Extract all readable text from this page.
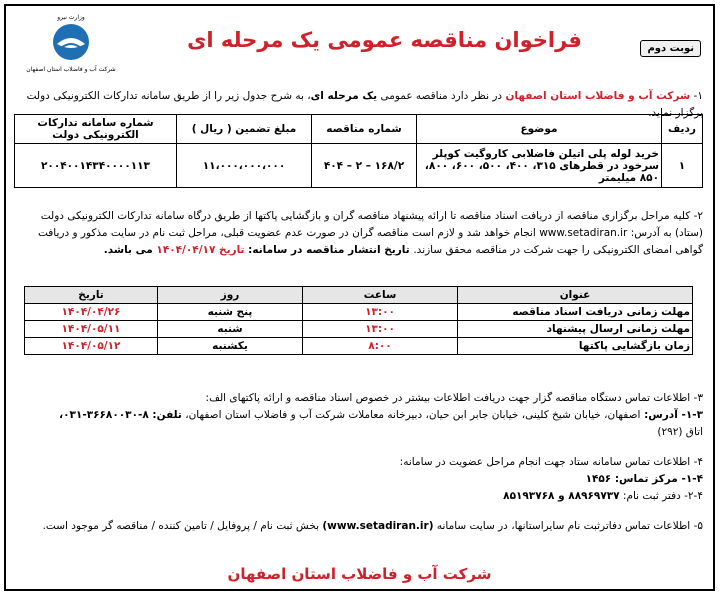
نوبت دوم
فراخوان مناقصه عمومی یک مرحله ای
وزارت نیرو
شرکت آب و فاضلاب استان اصفهان
۱- شرکت آب و فاضلاب استان اصفهان در نظر دارد مناقصه عمومی یک مرحله ای، به شرح جدول زیر را از طریق سامانه تدارکات الکترونیکی دولت برگزار نماید.
ردیف	موضوع	شماره مناقصه	مبلغ تضمین ( ریال )	شماره سامانه تدارکات الکترونیکی دولت
۱	خرید لوله پلی اتیلن فاضلابی کاروگیت کوپلر سرخود در قطرهای ۳۱۵، ۴۰۰، ۵۰۰، ۶۰۰، ۸۰۰، ۸۵۰ میلیمتر	۱۶۸/۲ – ۲ – ۴۰۴	۱۱،۰۰۰،۰۰۰،۰۰۰	۲۰۰۴۰۰۱۴۳۴۰۰۰۰۱۱۳
۲- کلیه مراحل برگزاری مناقصه از دریافت اسناد مناقصه تا ارائه پیشنهاد مناقصه گران و بازگشایی پاکتها از طریق درگاه سامانه تدارکات الکترونیکی دولت (ستاد) به آدرس: www.setadiran.ir انجام خواهد شد و لازم است مناقصه گران در صورت عدم عضویت قبلی، مراحل ثبت نام در سایت مذکور و دریافت گواهی امضای الکترونیکی را جهت شرکت در مناقصه محقق سازند. تاریخ انتشار مناقصه در سامانه: تاریخ ۱۴۰۴/۰۴/۱۷ می باشد.
عنوان	ساعت	روز	تاریخ
مهلت زمانی دریافت اسناد مناقصه	۱۳:۰۰	پنج شنبه	۱۴۰۴/۰۴/۲۶
مهلت زمانی ارسال پیشنهاد	۱۳:۰۰	شنبه	۱۴۰۴/۰۵/۱۱
زمان بازگشایی پاکتها	۸:۰۰	یکشنبه	۱۴۰۴/۰۵/۱۲
۳- اطلاعات تماس دستگاه مناقصه گزار جهت دریافت اطلاعات بیشتر در خصوص اسناد مناقصه و ارائه پاکتهای الف:
۱-۳- آدرس: اصفهان، خیابان شیخ کلینی، خیابان جابر ابن حیان، دبیرخانه معاملات شرکت آب و فاضلاب استان اصفهان، تلفن: ۸-۳۶۶۸۰۰۳۰-۰۳۱،
اتاق (۲۹۲)
۴- اطلاعات تماس سامانه ستاد جهت انجام مراحل عضویت در سامانه:
۱-۴- مرکز تماس: ۱۴۵۶
۲-۴- دفتر ثبت نام: ۸۸۹۶۹۷۳۷ و ۸۵۱۹۳۷۶۸
۵- اطلاعات تماس دفاترثبت نام سایراستانها، در سایت سامانه (www.setadiran.ir) بخش ثبت نام / پروفایل / تامین کننده / مناقصه گر موجود است.
شرکت آب و فاضلاب استان اصفهان
